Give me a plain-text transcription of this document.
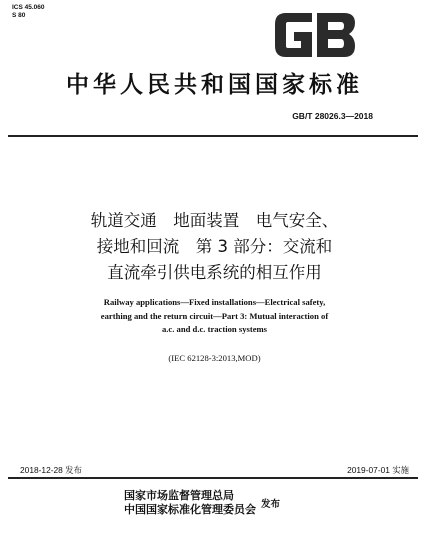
ICS 45.060
S 80
中华人民共和国国家标准
GB/T 28026.3—2018
轨道交通　地面装置　电气安全、
接地和回流　第 3 部分：交流和
直流牵引供电系统的相互作用
Railway applications—Fixed installations—Electrical safety,
earthing and the return circuit—Part 3: Mutual interaction of
a.c. and d.c. traction systems
(IEC 62128-3:2013,MOD)
2018-12-28 发布	2019-07-01 实施
国家市场监督管理总局
中国国家标准化管理委员会 发布
